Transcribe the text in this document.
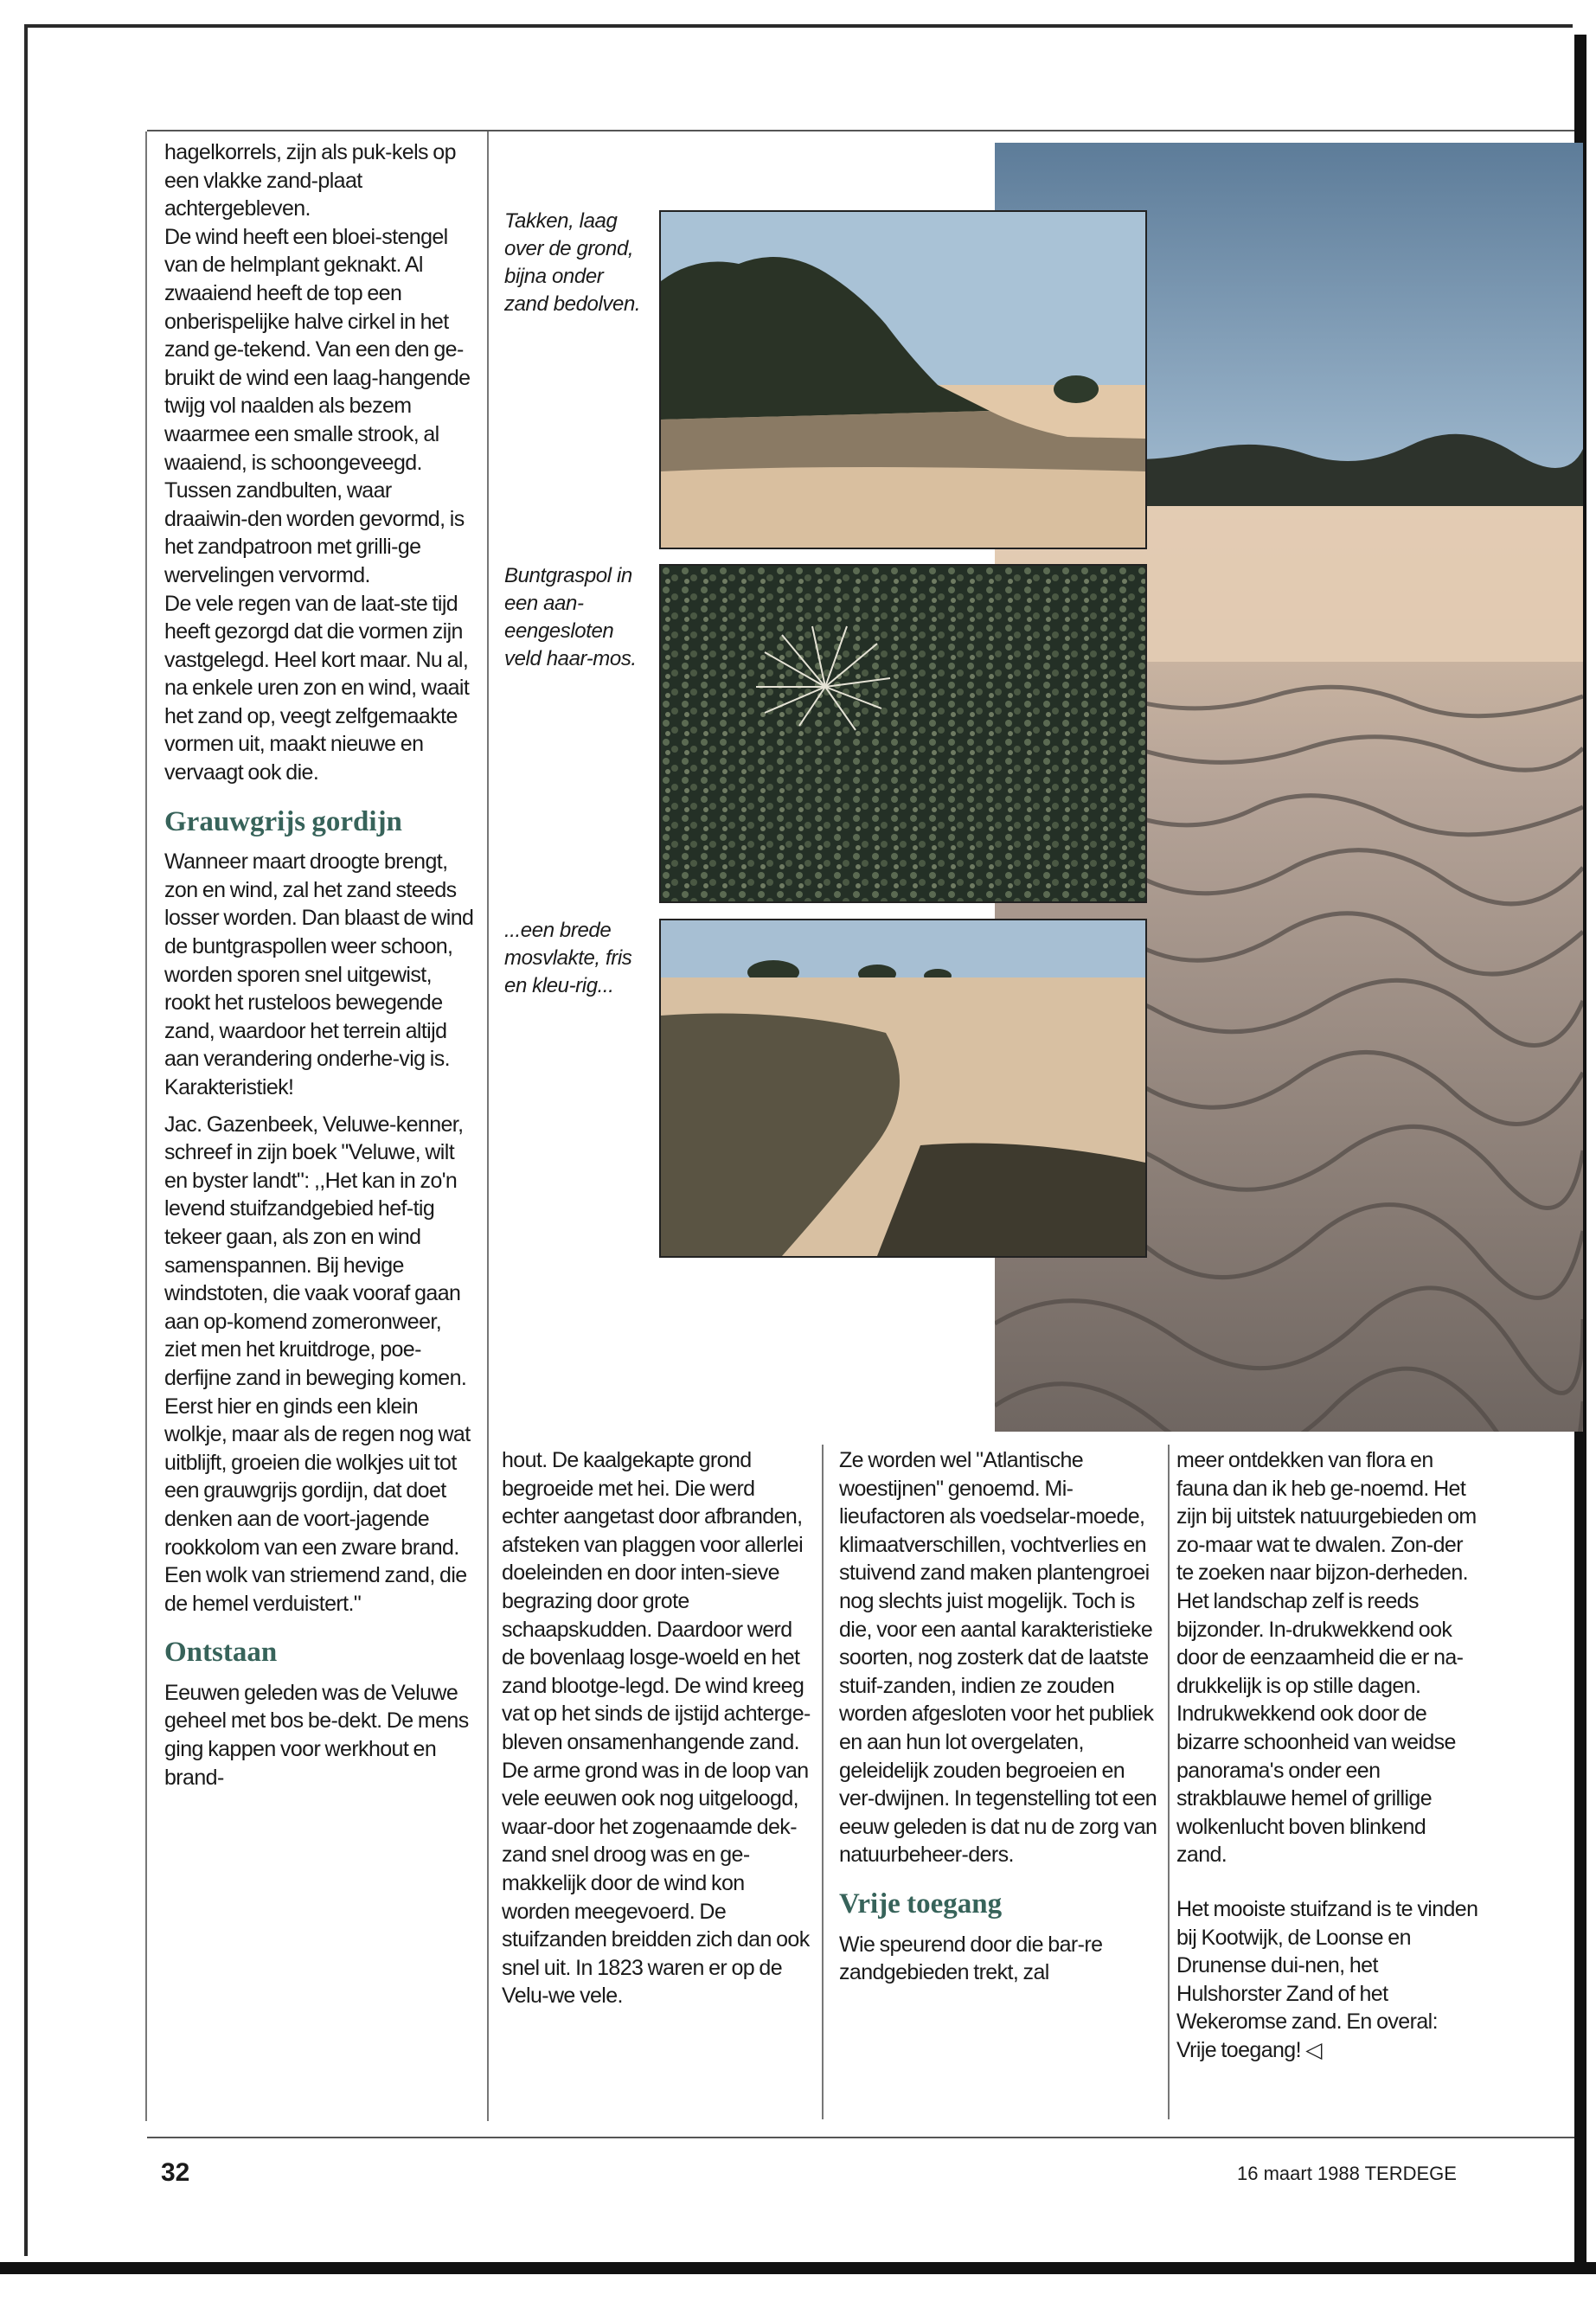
hagelkorrels, zijn als puk-kels op een vlakke zand-plaat achtergebleven.

De wind heeft een bloei-stengel van de helmplant geknakt. Al zwaaiend heeft de top een onberispelijke halve cirkel in het zand ge-tekend. Van een den ge-bruikt de wind een laag-hangende twijg vol naalden als bezem waarmee een smalle strook, al waaiend, is schoongeveegd. Tussen zandbulten, waar draaiwin-den worden gevormd, is het zandpatroon met grilli-ge wervelingen vervormd.

De vele regen van de laat-ste tijd heeft gezorgd dat die vormen zijn vastgelegd. Heel kort maar. Nu al, na enkele uren zon en wind, waait het zand op, veegt zelfgemaakte vormen uit, maakt nieuwe en vervaagt ook die.

Grauwgrijs gordijn

Wanneer maart droogte brengt, zon en wind, zal het zand steeds losser worden. Dan blaast de wind de buntgraspollen weer schoon, worden sporen snel uitgewist, rookt het rusteloos bewegende zand, waardoor het terrein altijd aan verandering onderhe-vig is. Karakteristiek!

Jac. Gazenbeek, Veluwe-kenner, schreef in zijn boek "Veluwe, wilt en byster landt": ,,Het kan in zo'n levend stuifzandgebied hef-tig tekeer gaan, als zon en wind samenspannen. Bij hevige windstoten, die vaak vooraf gaan aan op-komend zomeronweer, ziet men het kruitdroge, poe-derfijne zand in beweging komen. Eerst hier en ginds een klein wolkje, maar als de regen nog wat uitblijft, groeien die wolkjes uit tot een grauwgrijs gordijn, dat doet denken aan de voort-jagende rookkolom van een zware brand. Een wolk van striemend zand, die de hemel verduistert."

Ontstaan

Eeuwen geleden was de Veluwe geheel met bos be-dekt. De mens ging kappen voor werkhout en brand-

Takken, laag over de grond, bijna onder zand bedolven.
Buntgraspol in een aan-eengesloten veld haar-mos.
...een brede mosvlakte, fris en kleu-rig...

hout. De kaalgekapte grond begroeide met hei. Die werd echter aangetast door afbranden, afsteken van plaggen voor allerlei doeleinden en door inten-sieve begrazing door grote schaapskudden. Daardoor werd de bovenlaag losge-woeld en het zand blootge-legd. De wind kreeg vat op het sinds de ijstijd achterge-bleven onsamenhangende zand. De arme grond was in de loop van vele eeuwen ook nog uitgeloogd, waar-door het zogenaamde dek-zand snel droog was en ge-makkelijk door de wind kon worden meegevoerd. De stuifzanden breidden zich dan ook snel uit. In 1823 waren er op de Velu-we vele.

Ze worden wel "Atlantische woestijnen" genoemd. Mi-lieufactoren als voedselar-moede, klimaatverschillen, vochtverlies en stuivend zand maken plantengroei nog slechts juist mogelijk. Toch is die, voor een aantal karakteristieke soorten, nog zosterk dat de laatste stuif-zanden, indien ze zouden worden afgesloten voor het publiek en aan hun lot overgelaten, geleidelijk zouden begroeien en ver-dwijnen. In tegenstelling tot een eeuw geleden is dat nu de zorg van natuurbeheer-ders.

Vrije toegang

Wie speurend door die bar-re zandgebieden trekt, zal

meer ontdekken van flora en fauna dan ik heb ge-noemd. Het zijn bij uitstek natuurgebieden om zo-maar wat te dwalen. Zon-der te zoeken naar bijzon-derheden. Het landschap zelf is reeds bijzonder. In-drukwekkend ook door de eenzaamheid die er na-drukkelijk is op stille dagen. Indrukwekkend ook door de bizarre schoonheid van weidse panorama's onder een strakblauwe hemel of grillige wolkenlucht boven blinkend zand.

Het mooiste stuifzand is te vinden bij Kootwijk, de Loonse en Drunense dui-nen, het Hulshorster Zand of het Wekeromse zand. En overal: Vrije toegang! ◁

32	16 maart 1988 TERDEGE
